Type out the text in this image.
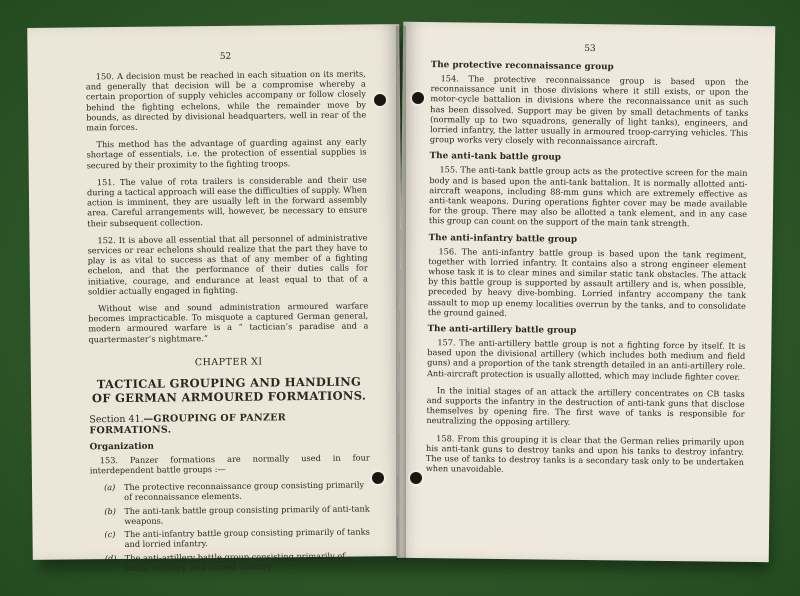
52

150. A decision must be reached in each situation on its merits, and generally that decision will be a compromise whereby a certain proportion of supply vehicles accompany or follow closely behind the fighting echelons, while the remainder move by bounds, as directed by divisional headquarters, well in rear of the main forces.

This method has the advantage of guarding against any early shortage of essentials, i.e. the protection of essential supplies is secured by their proximity to the fighting troops.

151. The value of rota trailers is considerable and their use during a tactical approach will ease the difficulties of supply. When action is imminent, they are usually left in the forward assembly area. Careful arrangements will, however, be necessary to ensure their subsequent collection.

152. It is above all essential that all personnel of administrative services or rear echelons should realize that the part they have to play is as vital to success as that of any member of a fighting echelon, and that the performance of their duties calls for initiative, courage, and endurance at least equal to that of a soldier actually engaged in fighting.

Without wise and sound administration armoured warfare becomes impracticable. To misquote a captured German general, modern armoured warfare is a “ tactician’s paradise and a quartermaster’s nightmare.”

CHAPTER XI
TACTICAL GROUPING AND HANDLING OF GERMAN ARMOURED FORMATIONS.
Section 41.—GROUPING OF PANZER FORMATIONS.
Organization

153. Panzer formations are normally used in four interdependent battle groups :—

(a)	The protective reconnaissance group consisting primarily of reconnaissance elements.
(b)	The anti-tank battle group consisting primarily of anti-tank weapons.
(c)	The anti-infantry battle group consisting primarily of tanks and lorried infantry.
(d)	The anti-artillery battle group consisting primarily of tanks, artillery, and lorried infantry.
53
The protective reconnaissance group

154. The protective reconnaissance group is based upon the reconnaissance unit in those divisions where it still exists, or upon the motor-cycle battalion in divisions where the reconnaissance unit as such has been dissolved. Support may be given by small detachments of tanks (normally up to two squadrons, generally of light tanks), engineers, and lorried infantry, the latter usually in armoured troop-carrying vehicles. This group works very closely with reconnaissance aircraft.

The anti-tank battle group

155. The anti-tank battle group acts as the protective screen for the main body and is based upon the anti-tank battalion. It is normally allotted anti-aircraft weapons, including 88-mm guns which are extremely effective as anti-tank weapons. During operations fighter cover may be made available for the group. There may also be allotted a tank element, and in any case this group can count on the support of the main tank strength.

The anti-infantry battle group

156. The anti-infantry battle group is based upon the tank regiment, together with lorried infantry. It contains also a strong engineer element whose task it is to clear mines and similar static tank obstacles. The attack by this battle group is supported by assault artillery and is, when possible, preceded by heavy dive-bombing. Lorried infantry accompany the tank assault to mop up enemy localities overrun by the tanks, and to consolidate the ground gained.

The anti-artillery battle group

157. The anti-artillery battle group is not a fighting force by itself. It is based upon the divisional artillery (which includes both medium and field guns) and a proportion of the tank strength detailed in an anti-artillery role. Anti-aircraft protection is usually allotted, which may include fighter cover.

In the initial stages of an attack the artillery concentrates on CB tasks and supports the infantry in the destruction of anti-tank guns that disclose themselves by opening fire. The first wave of tanks is responsible for neutralizing the opposing artillery.

158. From this grouping it is clear that the German relies primarily upon his anti-tank guns to destroy tanks and upon his tanks to destroy infantry. The use of tanks to destroy tanks is a secondary task only to be undertaken when unavoidable.
